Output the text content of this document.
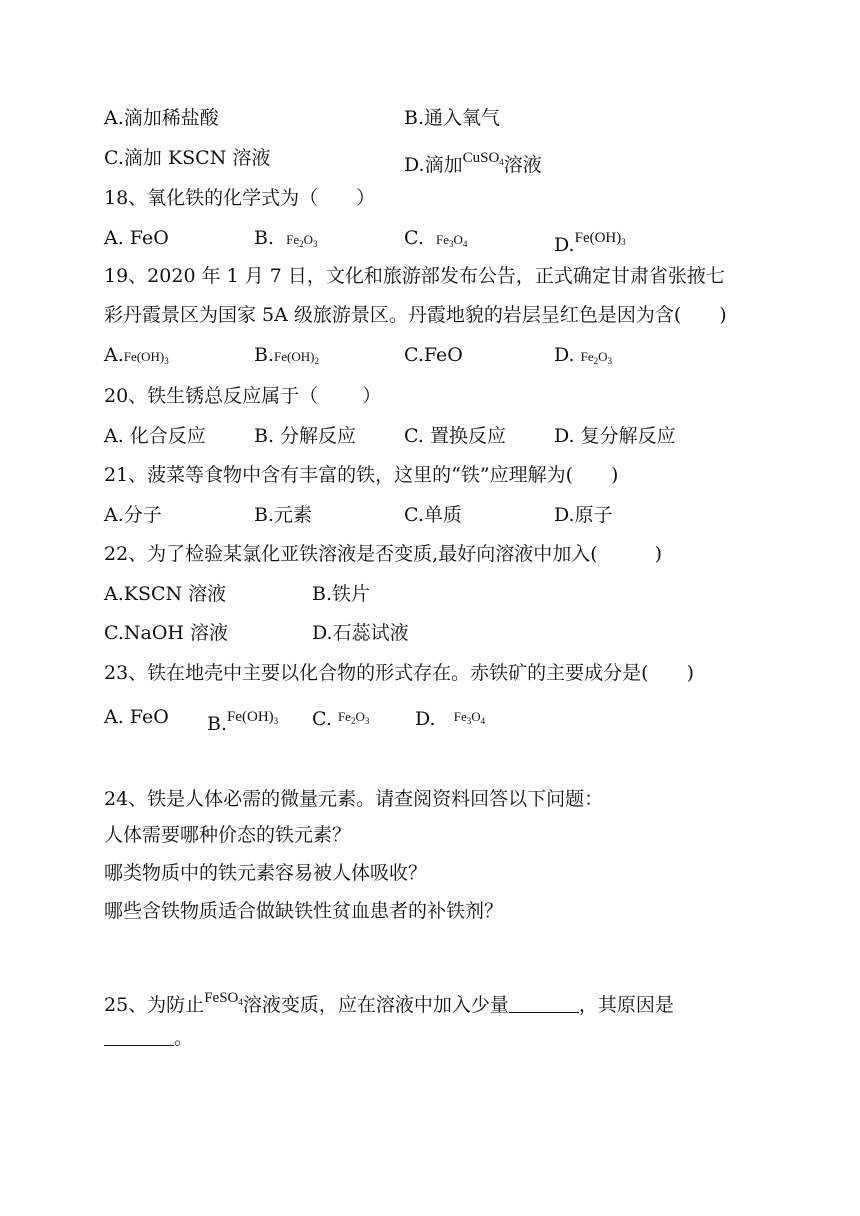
A.滴加稀盐酸	B.通入氧气
C.滴加 KSCN 溶液	D.滴加CuSO$_4$溶液
18、氧化铁的化学式为（　　）
A. FeO	B. $Fe_2O_3$	C. $Fe_3O_4$	$D.Fe(OH)_3$
19、2020 年 1 月 7 日，文化和旅游部发布公告，正式确定甘肃省张掖七
彩丹霞景区为国家 5A 级旅游景区。丹霞地貌的岩层呈红色是因为含(　　)
$A.Fe(OH)_3$	$B.Fe(OH)_2$	C.FeO	D. $Fe_2O_3$
20、铁生锈总反应属于（　　 ）
A. 化合反应	B. 分解反应	C. 置换反应	D. 复分解反应
21、菠菜等食物中含有丰富的铁，这里的“铁”应理解为(　　)
A.分子	B.元素	C.单质	D.原子
22、为了检验某氯化亚铁溶液是否变质,最好向溶液中加入(　　　)
A.KSCN 溶液	B.铁片
C.NaOH 溶液	D.石蕊试液
23、铁在地壳中主要以化合物的形式存在。赤铁矿的主要成分是(　　)
A. FeO $B.Fe(OH)_3$ C. $Fe_2O_3$ D. $Fe_3O_4$
24、铁是人体必需的微量元素。请查阅资料回答以下问题：
人体需要哪种价态的铁元素？
哪类物质中的铁元素容易被人体吸收？
哪些含铁物质适合做缺铁性贫血患者的补铁剂？
25、为防止FeSO$_4$溶液变质，应在溶液中加入少量	，其原因是
。
